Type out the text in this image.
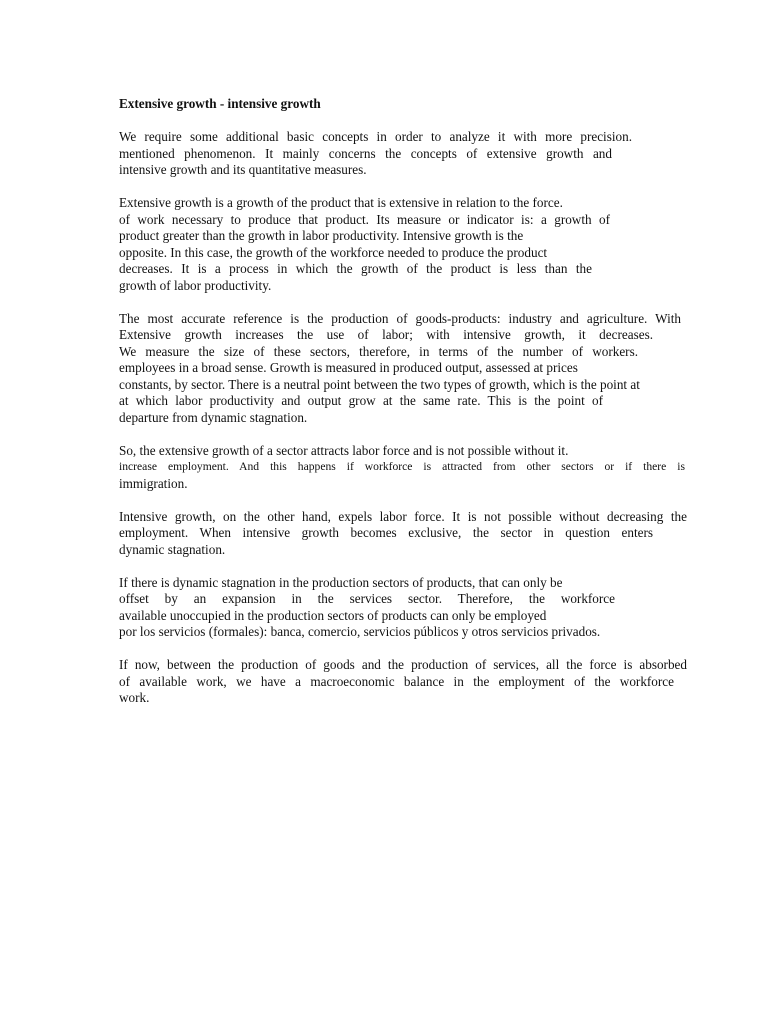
Extensive growth - intensive growth
We require some additional basic concepts in order to analyze it with more precision.
mentioned phenomenon. It mainly concerns the concepts of extensive growth and
intensive growth and its quantitative measures.
Extensive growth is a growth of the product that is extensive in relation to the force.
of work necessary to produce that product. Its measure or indicator is: a growth of
product greater than the growth in labor productivity. Intensive growth is the
opposite. In this case, the growth of the workforce needed to produce the product
decreases. It is a process in which the growth of the product is less than the
growth of labor productivity.
The most accurate reference is the production of goods-products: industry and agriculture. With
Extensive growth increases the use of labor; with intensive growth, it decreases.
We measure the size of these sectors, therefore, in terms of the number of workers.
employees in a broad sense. Growth is measured in produced output, assessed at prices
constants, by sector. There is a neutral point between the two types of growth, which is the point at
at which labor productivity and output grow at the same rate. This is the point of
departure from dynamic stagnation.
So, the extensive growth of a sector attracts labor force and is not possible without it.
increase employment. And this happens if workforce is attracted from other sectors or if there is
immigration.
Intensive growth, on the other hand, expels labor force. It is not possible without decreasing the
employment. When intensive growth becomes exclusive, the sector in question enters
dynamic stagnation.
If there is dynamic stagnation in the production sectors of products, that can only be
offset by an expansion in the services sector. Therefore, the workforce
available unoccupied in the production sectors of products can only be employed
por los servicios (formales): banca, comercio, servicios públicos y otros servicios privados.
If now, between the production of goods and the production of services, all the force is absorbed
of available work, we have a macroeconomic balance in the employment of the workforce
work.
